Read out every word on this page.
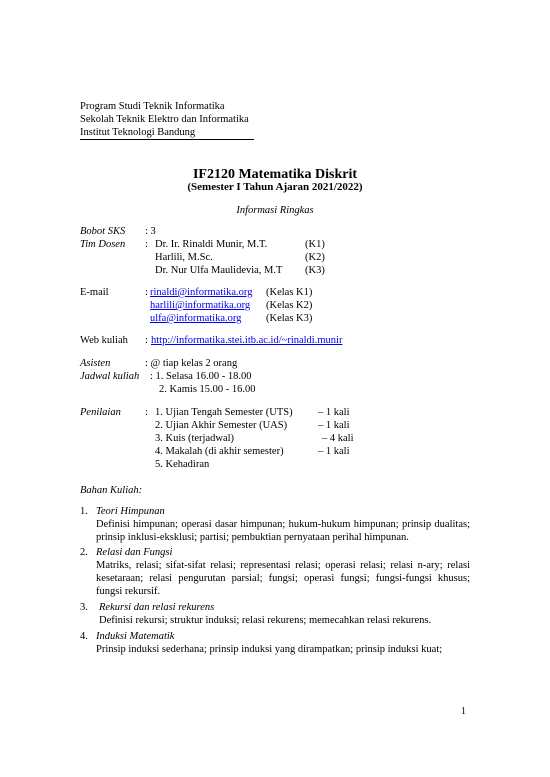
Program Studi Teknik Informatika
Sekolah Teknik Elektro dan Informatika
Institut Teknologi Bandung
IF2120 Matematika Diskrit
(Semester I Tahun Ajaran 2021/2022)
Informasi Ringkas
Bobot SKS : 3
Tim Dosen : Dr. Ir. Rinaldi Munir, M.T.	(K1)
Harlili, M.Sc.	(K2)
Dr. Nur Ulfa Maulidevia, M.T (K3)
E-mail	: rinaldi@informatika.org (Kelas K1)
harlili@informatika.org (Kelas K2)
ulfa@informatika.org (Kelas K3)
Web kuliah : http://informatika.stei.itb.ac.id/~rinaldi.munir
Asisten	: @ tiap kelas 2 orang
Jadwal kuliah : 1. Selasa 16.00 - 18.00
2. Kamis 15.00 - 16.00
Penilaian : 1. Ujian Tengah Semester (UTS) – 1 kali
2. Ujian Akhir Semester (UAS)	– 1 kali
3. Kuis (terjadwal)	– 4 kali
4. Makalah (di akhir semester)	– 1 kali
5. Kehadiran
Bahan Kuliah:
1. Teori Himpunan
Definisi himpunan; operasi dasar himpunan; hukum-hukum himpunan; prinsip dualitas; prinsip inklusi-eksklusi; partisi; pembuktian pernyataan perihal himpunan.
2. Relasi dan Fungsi
Matriks, relasi; sifat-sifat relasi; representasi relasi; operasi relasi; relasi n-ary; relasi kesetaraan; relasi pengurutan parsial; fungsi; operasi fungsi; fungsi-fungsi khusus; fungsi rekursif.
3. Rekursi dan relasi rekurens
Definisi rekursi; struktur induksi; relasi rekurens; memecahkan relasi rekurens.
4. Induksi Matematik
Prinsip induksi sederhana; prinsip induksi yang dirampatkan; prinsip induksi kuat;
1
